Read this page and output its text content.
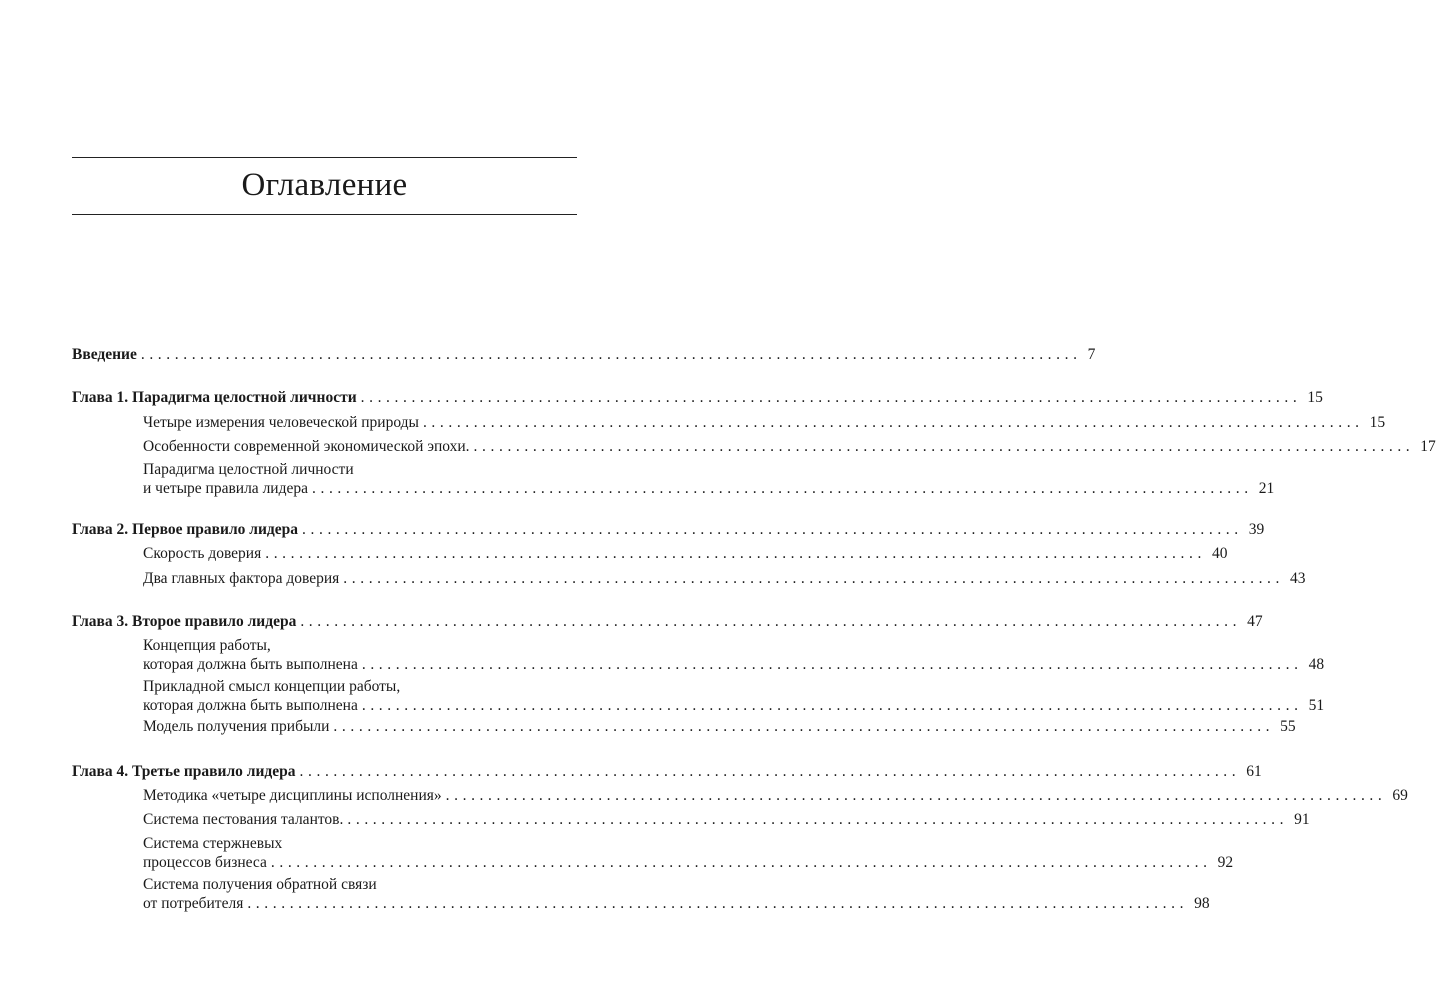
Оглавление
Введение ............................................................................................................... 7
Глава 1. Парадигма целостной личности ............................................................................................................... 15
Четыре измерения человеческой природы ............................................................................................................... 15
Особенности современной экономической эпохи. ............................................................................................................... 17
Парадигма целостной личности
и четыре правила лидера ............................................................................................................... 21
Глава 2. Первое правило лидера ............................................................................................................... 39
Скорость доверия ............................................................................................................... 40
Два главных фактора доверия ............................................................................................................... 43
Глава 3. Второе правило лидера ............................................................................................................... 47
Концепция работы,
которая должна быть выполнена ............................................................................................................... 48
Прикладной смысл концепции работы,
которая должна быть выполнена ............................................................................................................... 51
Модель получения прибыли ............................................................................................................... 55
Глава 4. Третье правило лидера ............................................................................................................... 61
Методика «четыре дисциплины исполнения» ............................................................................................................... 69
Система пестования талантов. ............................................................................................................... 91
Система стержневых
процессов бизнеса ............................................................................................................... 92
Система получения обратной связи
от потребителя ............................................................................................................... 98
